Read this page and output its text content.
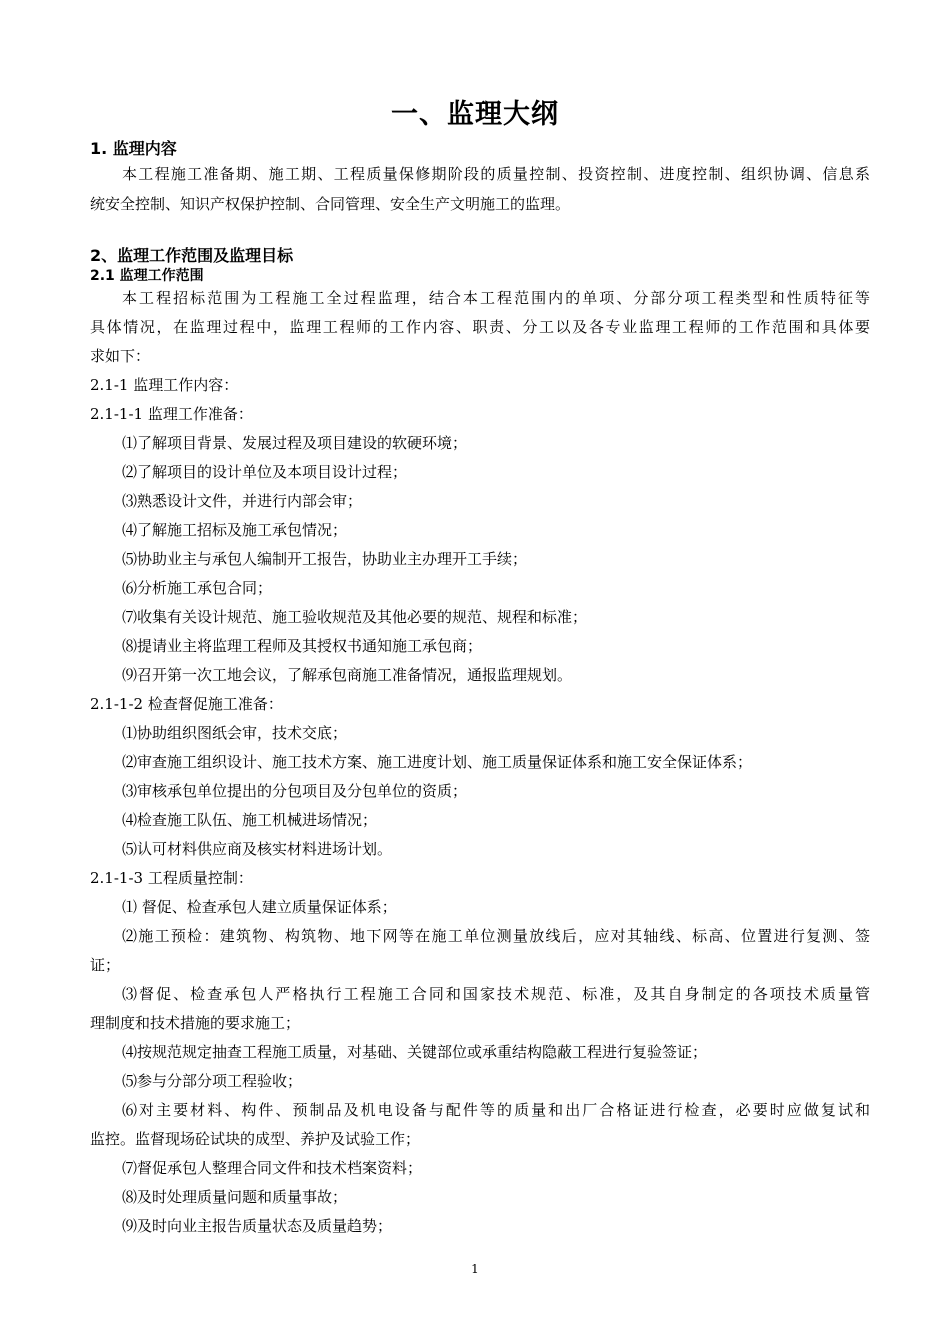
一、监理大纲
1. 监理内容
本工程施工准备期、施工期、工程质量保修期阶段的质量控制、投资控制、进度控制、组织协调、信息系
统安全控制、知识产权保护控制、合同管理、安全生产文明施工的监理。
2、监理工作范围及监理目标
2.1 监理工作范围
本工程招标范围为工程施工全过程监理，结合本工程范围内的单项、分部分项工程类型和性质特征等
具体情况，在监理过程中，监理工程师的工作内容、职责、分工以及各专业监理工程师的工作范围和具体要
求如下：
2.1-1 监理工作内容：
2.1-1-1 监理工作准备：
⑴了解项目背景、发展过程及项目建设的软硬环境；
⑵了解项目的设计单位及本项目设计过程；
⑶熟悉设计文件，并进行内部会审；
⑷了解施工招标及施工承包情况；
⑸协助业主与承包人编制开工报告，协助业主办理开工手续；
⑹分析施工承包合同；
⑺收集有关设计规范、施工验收规范及其他必要的规范、规程和标准；
⑻提请业主将监理工程师及其授权书通知施工承包商；
⑼召开第一次工地会议，了解承包商施工准备情况，通报监理规划。
2.1-1-2 检查督促施工准备：
⑴协助组织图纸会审，技术交底；
⑵审查施工组织设计、施工技术方案、施工进度计划、施工质量保证体系和施工安全保证体系；
⑶审核承包单位提出的分包项目及分包单位的资质；
⑷检查施工队伍、施工机械进场情况；
⑸认可材料供应商及核实材料进场计划。
2.1-1-3 工程质量控制：
⑴ 督促、检查承包人建立质量保证体系；
⑵施工预检：建筑物、构筑物、地下网等在施工单位测量放线后，应对其轴线、标高、位置进行复测、签
证；
⑶督促、检查承包人严格执行工程施工合同和国家技术规范、标准，及其自身制定的各项技术质量管
理制度和技术措施的要求施工；
⑷按规范规定抽查工程施工质量，对基础、关键部位或承重结构隐蔽工程进行复验签证；
⑸参与分部分项工程验收；
⑹对主要材料、构件、预制品及机电设备与配件等的质量和出厂合格证进行检查，必要时应做复试和
监控。监督现场砼试块的成型、养护及试验工作；
⑺督促承包人整理合同文件和技术档案资料；
⑻及时处理质量问题和质量事故；
⑼及时向业主报告质量状态及质量趋势；
1
